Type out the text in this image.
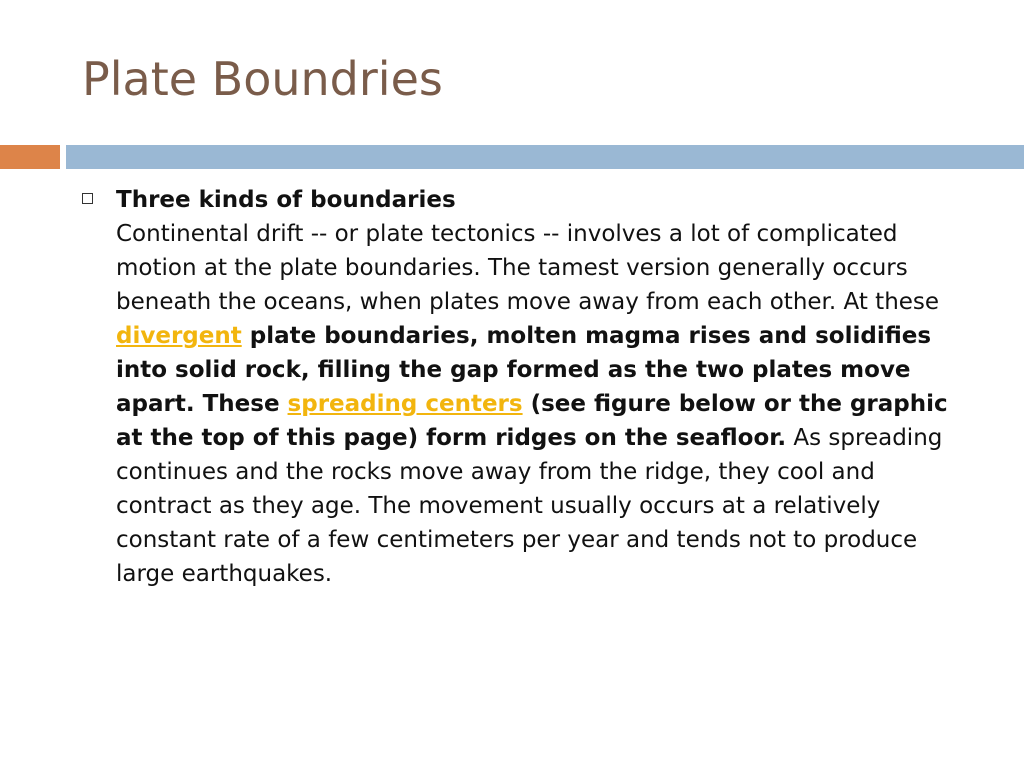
Plate Boundries
Three kinds of boundaries
Continental drift -- or plate tectonics -- involves a lot of complicated motion at the plate boundaries. The tamest version generally occurs beneath the oceans, when plates move away from each other. At these divergent plate boundaries, molten magma rises and solidifies into solid rock, filling the gap formed as the two plates move apart. These spreading centers (see figure below or the graphic at the top of this page) form ridges on the seafloor. As spreading continues and the rocks move away from the ridge, they cool and contract as they age. The movement usually occurs at a relatively constant rate of a few centimeters per year and tends not to produce large earthquakes.
